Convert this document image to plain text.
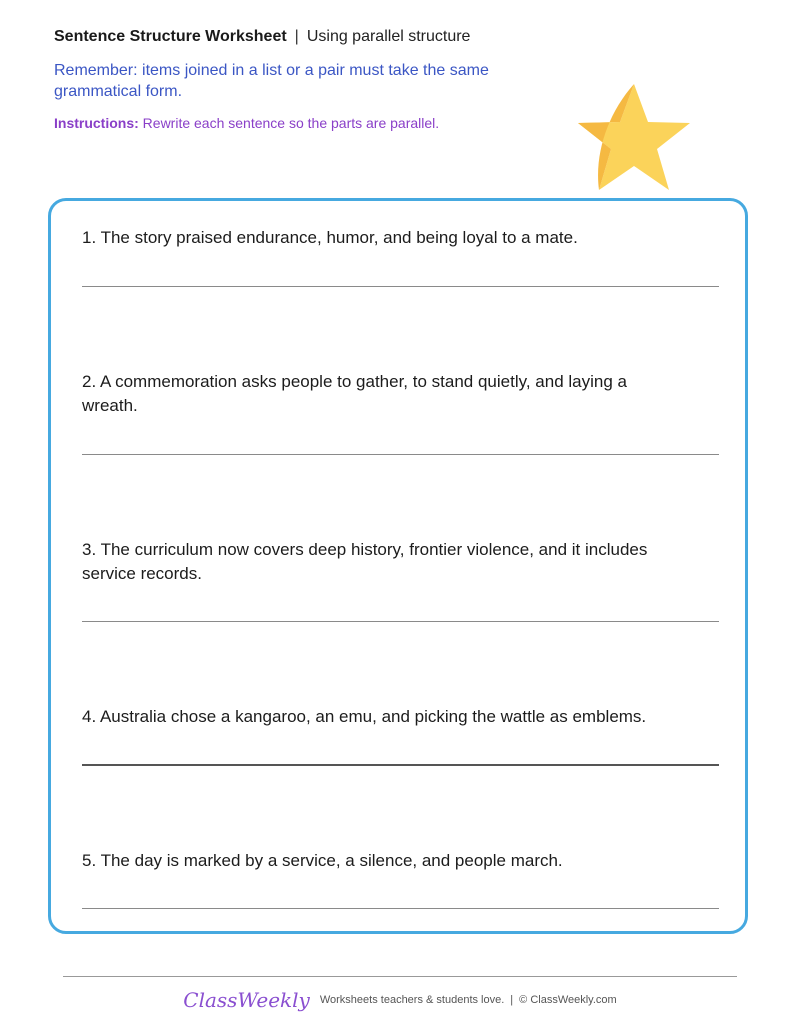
Sentence Structure Worksheet | Using parallel structure
Remember: items joined in a list or a pair must take the same grammatical form.
Instructions: Rewrite each sentence so the parts are parallel.
1. The story praised endurance, humor, and being loyal to a mate.
2. A commemoration asks people to gather, to stand quietly, and laying a wreath.
3. The curriculum now covers deep history, frontier violence, and it includes service records.
4. Australia chose a kangaroo, an emu, and picking the wattle as emblems.
5. The day is marked by a service, a silence, and people march.
ClassWeekly Worksheets teachers & students love. | © ClassWeekly.com
